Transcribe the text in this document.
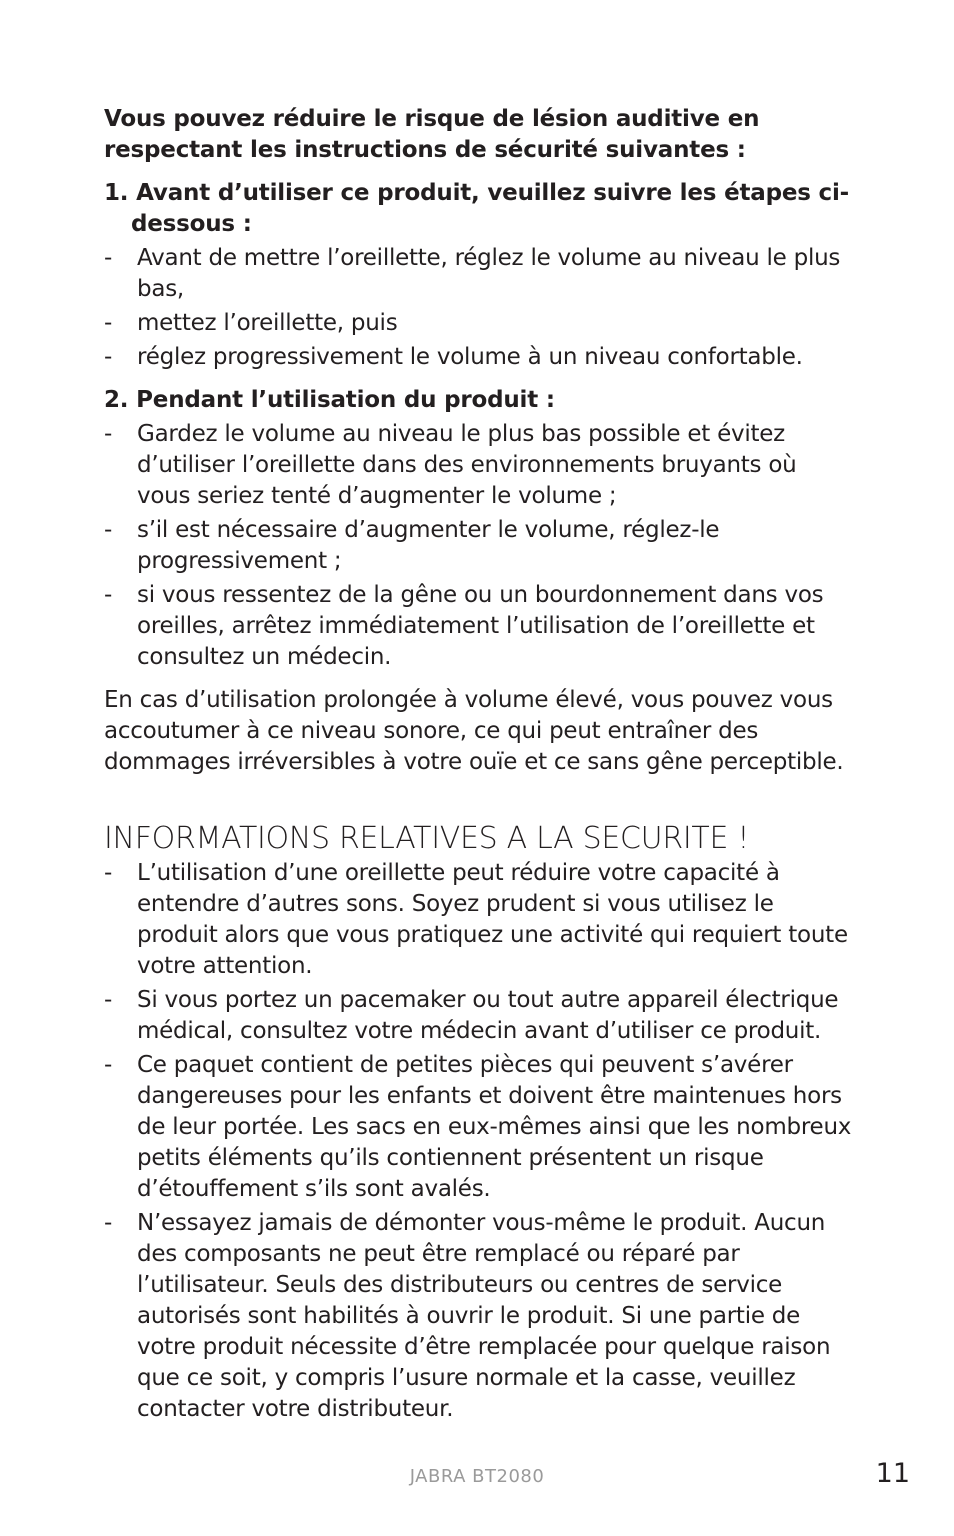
Vous pouvez réduire le risque de lésion auditive en respectant les instructions de sécurité suivantes :

1. Avant d’utiliser ce produit, veuillez suivre les étapes ci-dessous :

- Avant de mettre l’oreillette, réglez le volume au niveau le plus bas,
- mettez l’oreillette, puis
- réglez progressivement le volume à un niveau confortable.

2. Pendant l’utilisation du produit :

- Gardez le volume au niveau le plus bas possible et évitez d’utiliser l’oreillette dans des environnements bruyants où vous seriez tenté d’augmenter le volume ;
- s’il est nécessaire d’augmenter le volume, réglez-le progressivement ;
- si vous ressentez de la gêne ou un bourdonnement dans vos oreilles, arrêtez immédiatement l’utilisation de l’oreillette et consultez un médecin.

En cas d’utilisation prolongée à volume élevé, vous pouvez vous accoutumer à ce niveau sonore, ce qui peut entraîner des dommages irréversibles à votre ouïe et ce sans gêne perceptible.

INFORMATIONS RELATIVES A LA SECURITE !
- L’utilisation d’une oreillette peut réduire votre capacité à entendre d’autres sons. Soyez prudent si vous utilisez le produit alors que vous pratiquez une activité qui requiert toute votre attention.
- Si vous portez un pacemaker ou tout autre appareil électrique médical, consultez votre médecin avant d’utiliser ce produit.
- Ce paquet contient de petites pièces qui peuvent s’avérer dangereuses pour les enfants et doivent être maintenues hors de leur portée. Les sacs en eux-mêmes ainsi que les nombreux petits éléments qu’ils contiennent présentent un risque d’étouffement s’ils sont avalés.
- N’essayez jamais de démonter vous-même le produit. Aucun des composants ne peut être remplacé ou réparé par l’utilisateur. Seuls des distributeurs ou centres de service autorisés sont habilités à ouvrir le produit. Si une partie de votre produit nécessite d’être remplacée pour quelque raison que ce soit, y compris l’usure normale et la casse, veuillez contacter votre distributeur.
JABRA BT2080	11
